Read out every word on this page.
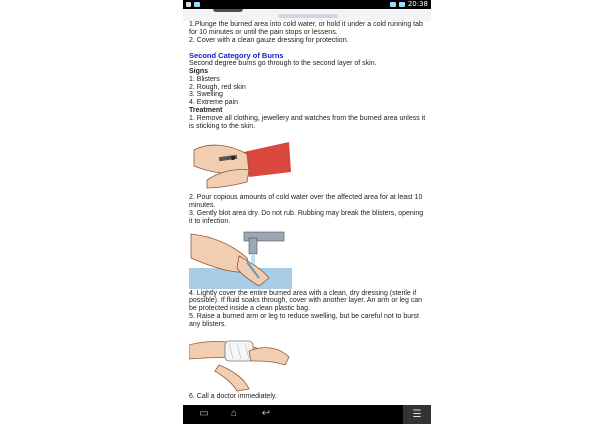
20:38
1.Plunge the burned area into cold water, or hold it under a cold running tab for 10 minutes or until the pain stops or lessens.
2. Cover with a clean gauze dressing for protection.
Second Category of Burns
Second degree burns go through to the second layer of skin.
Signs
1. Blisters
2. Rough, red skin
3. Swelling
4. Extreme pain
Treatment
1. Remove all clothing, jewellery and watches from the burned area unless it is sticking to the skin.
2. Pour copious amounts of cold water over the affected area for at least 10 minutes.
3. Gently blot area dry. Do not rub. Rubbing may break the blisters, opening it to infection.
4. Lightly cover the entire burned area with a clean, dry dressing (sterile if possible). If fluid soaks through, cover with another layer. An arm or leg can be protected inside a clean plastic bag.
5. Raise a burned arm or leg to reduce swelling, but be careful not to burst any blisters.
6. Call a doctor immediately.
▭	⌂	↩	☰
